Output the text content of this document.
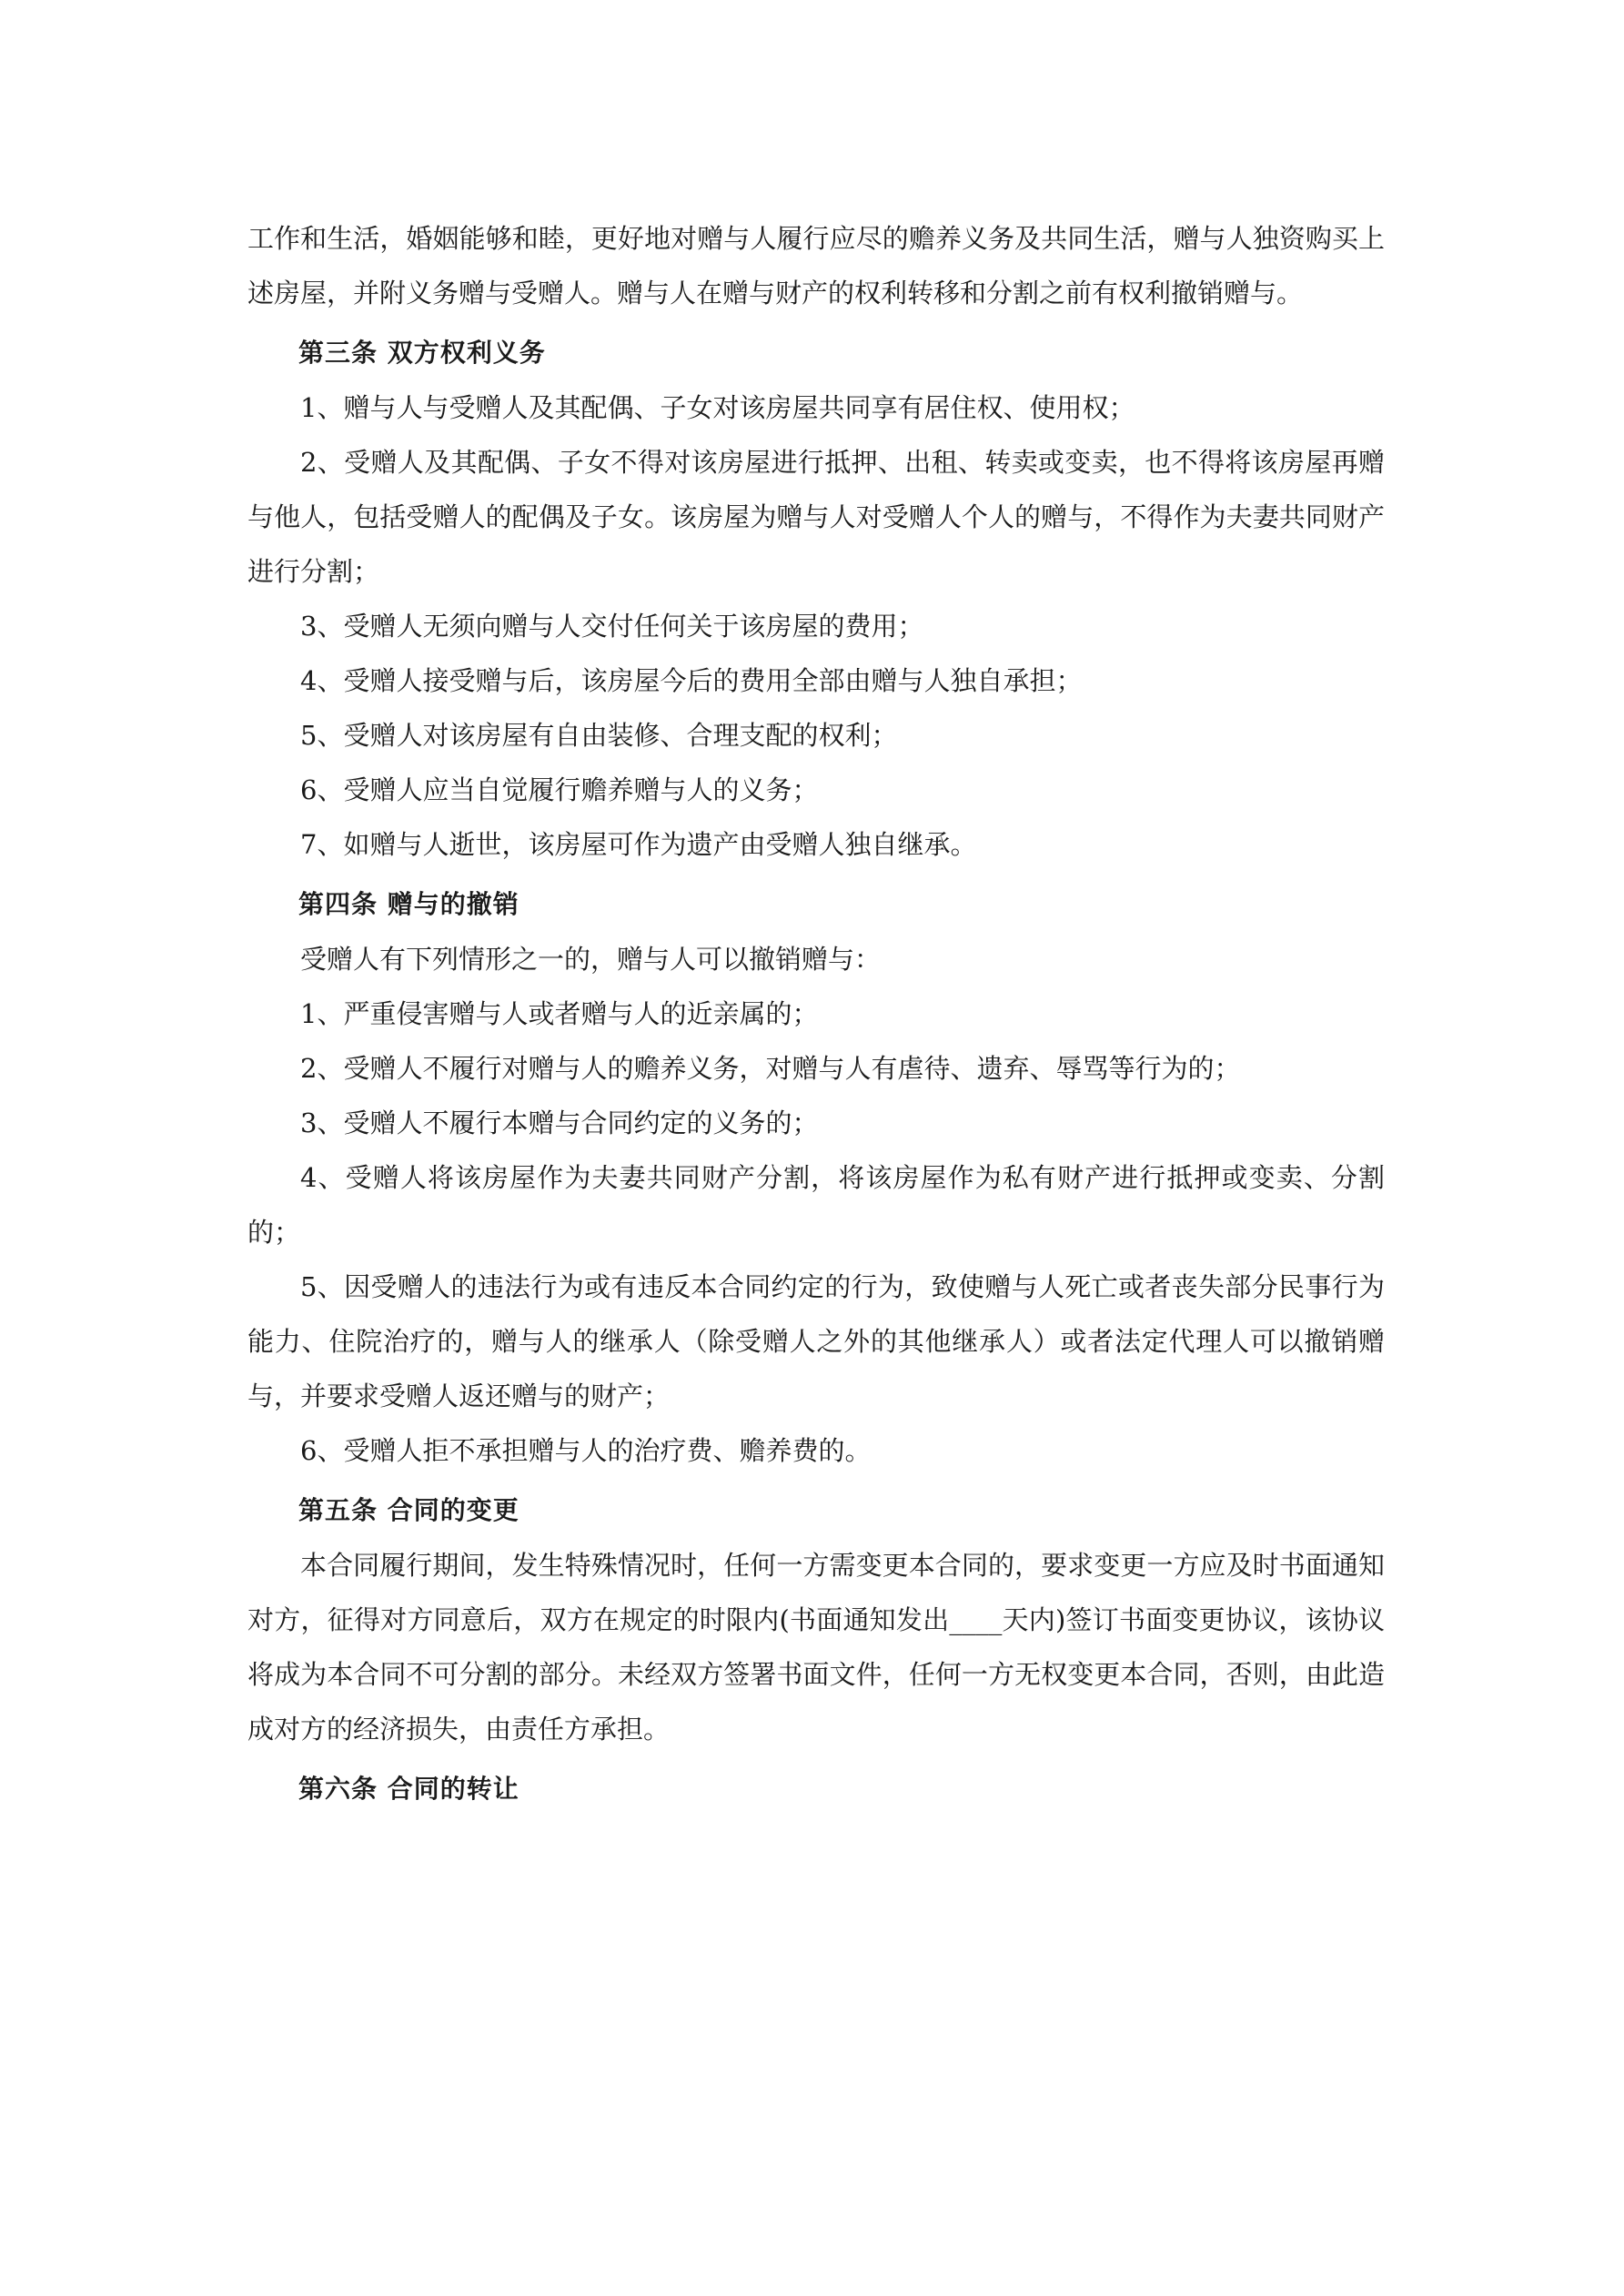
工作和生活，婚姻能够和睦，更好地对赠与人履行应尽的赡养义务及共同生活，赠与人独资购买上述房屋，并附义务赠与受赠人。赠与人在赠与财产的权利转移和分割之前有权利撤销赠与。

第三条 双方权利义务

1、赠与人与受赠人及其配偶、子女对该房屋共同享有居住权、使用权；

2、受赠人及其配偶、子女不得对该房屋进行抵押、出租、转卖或变卖，也不得将该房屋再赠与他人，包括受赠人的配偶及子女。该房屋为赠与人对受赠人个人的赠与，不得作为夫妻共同财产进行分割；

3、受赠人无须向赠与人交付任何关于该房屋的费用；

4、受赠人接受赠与后，该房屋今后的费用全部由赠与人独自承担；

5、受赠人对该房屋有自由装修、合理支配的权利；

6、受赠人应当自觉履行赡养赠与人的义务；

7、如赠与人逝世，该房屋可作为遗产由受赠人独自继承。

第四条 赠与的撤销

受赠人有下列情形之一的，赠与人可以撤销赠与：

1、严重侵害赠与人或者赠与人的近亲属的；

2、受赠人不履行对赠与人的赡养义务，对赠与人有虐待、遗弃、辱骂等行为的；

3、受赠人不履行本赠与合同约定的义务的；

4、受赠人将该房屋作为夫妻共同财产分割，将该房屋作为私有财产进行抵押或变卖、分割的；

5、因受赠人的违法行为或有违反本合同约定的行为，致使赠与人死亡或者丧失部分民事行为能力、住院治疗的，赠与人的继承人（除受赠人之外的其他继承人）或者法定代理人可以撤销赠与，并要求受赠人返还赠与的财产；

6、受赠人拒不承担赠与人的治疗费、赡养费的。

第五条 合同的变更

本合同履行期间，发生特殊情况时，任何一方需变更本合同的，要求变更一方应及时书面通知对方，征得对方同意后，双方在规定的时限内(书面通知发出____天内)签订书面变更协议，该协议将成为本合同不可分割的部分。未经双方签署书面文件，任何一方无权变更本合同，否则，由此造成对方的经济损失，由责任方承担。

第六条 合同的转让
